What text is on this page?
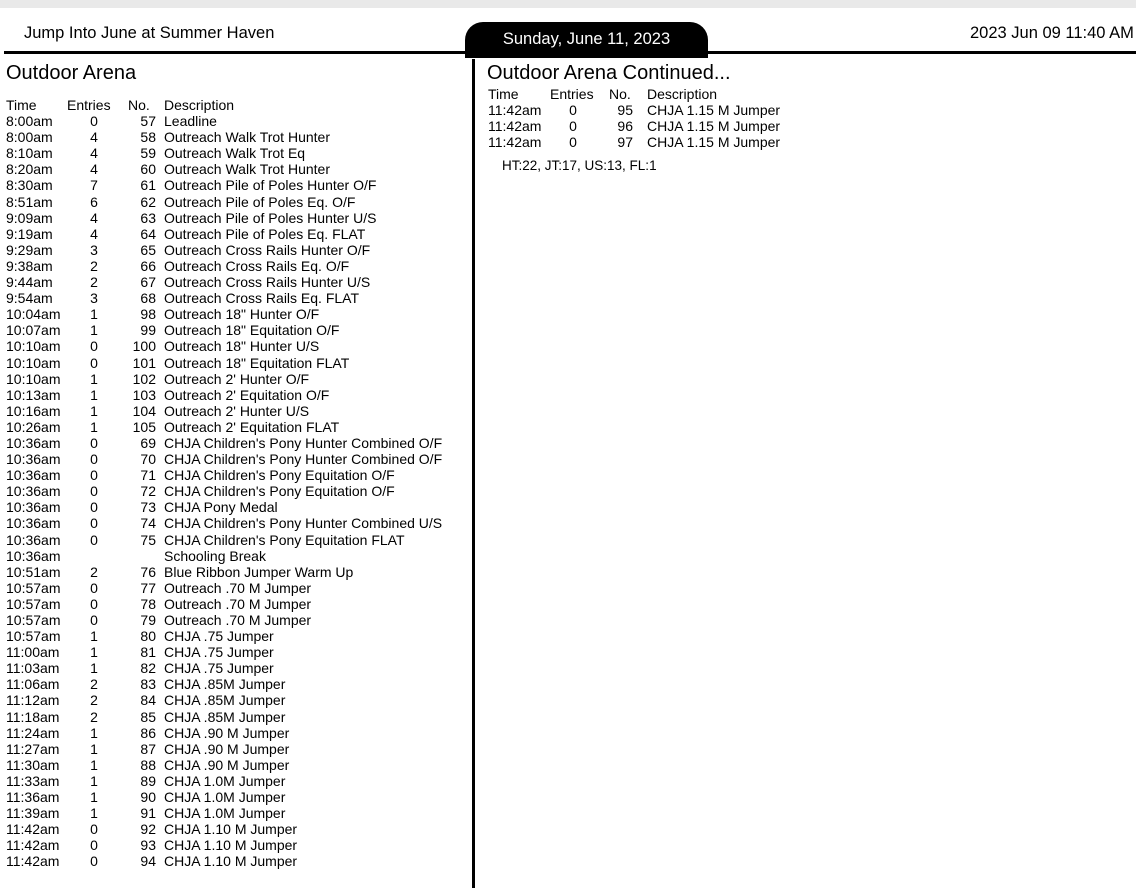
Jump Into June at Summer Haven	Sunday, June 11, 2023	2023 Jun 09 11:40 AM
Outdoor Arena	Outdoor Arena Continued...
Time Entries No. Description
8:00am	0	57 Leadline
8:00am	4	58 Outreach Walk Trot Hunter
8:10am	4	59 Outreach Walk Trot Eq
8:20am	4	60 Outreach Walk Trot Hunter
8:30am	7	61 Outreach Pile of Poles Hunter O/F
8:51am	6	62 Outreach Pile of Poles Eq. O/F
9:09am	4	63 Outreach Pile of Poles Hunter U/S
9:19am	4	64 Outreach Pile of Poles Eq. FLAT
9:29am	3	65 Outreach Cross Rails Hunter O/F
9:38am	2	66 Outreach Cross Rails Eq. O/F
9:44am	2	67 Outreach Cross Rails Hunter U/S
9:54am	3	68 Outreach Cross Rails Eq. FLAT
10:04am	1	98 Outreach 18" Hunter O/F
10:07am	1	99 Outreach 18" Equitation O/F
10:10am	0	100 Outreach 18" Hunter U/S
10:10am	0	101 Outreach 18" Equitation FLAT
10:10am	1	102 Outreach 2' Hunter O/F
10:13am	1	103 Outreach 2' Equitation O/F
10:16am	1	104 Outreach 2' Hunter U/S
10:26am	1	105 Outreach 2' Equitation FLAT
10:36am	0	69 CHJA Children's Pony Hunter Combined O/F
10:36am	0	70 CHJA Children's Pony Hunter Combined O/F
10:36am	0	71 CHJA Children's Pony Equitation O/F
10:36am	0	72 CHJA Children's Pony Equitation O/F
10:36am	0	73 CHJA Pony Medal
10:36am	0	74 CHJA Children's Pony Hunter Combined U/S
10:36am	0	75 CHJA Children's Pony Equitation FLAT
10:36am	Schooling Break
10:51am	2	76 Blue Ribbon Jumper Warm Up
10:57am	0	77 Outreach .70 M Jumper
10:57am	0	78 Outreach .70 M Jumper
10:57am	0	79 Outreach .70 M Jumper
10:57am	1	80 CHJA .75 Jumper
11:00am	1	81 CHJA .75 Jumper
11:03am	1	82 CHJA .75 Jumper
11:06am	2	83 CHJA .85M Jumper
11:12am	2	84 CHJA .85M Jumper
11:18am	2	85 CHJA .85M Jumper
11:24am	1	86 CHJA .90 M Jumper
11:27am	1	87 CHJA .90 M Jumper
11:30am	1	88 CHJA .90 M Jumper
11:33am	1	89 CHJA 1.0M Jumper
11:36am	1	90 CHJA 1.0M Jumper
11:39am	1	91 CHJA 1.0M Jumper
11:42am	0	92 CHJA 1.10 M Jumper
11:42am	0	93 CHJA 1.10 M Jumper
11:42am	0	94 CHJA 1.10 M Jumper
Time Entries No. Description
11:42am	0	95 CHJA 1.15 M Jumper
11:42am	0	96 CHJA 1.15 M Jumper
11:42am	0	97 CHJA 1.15 M Jumper
HT:22, JT:17, US:13, FL:1
